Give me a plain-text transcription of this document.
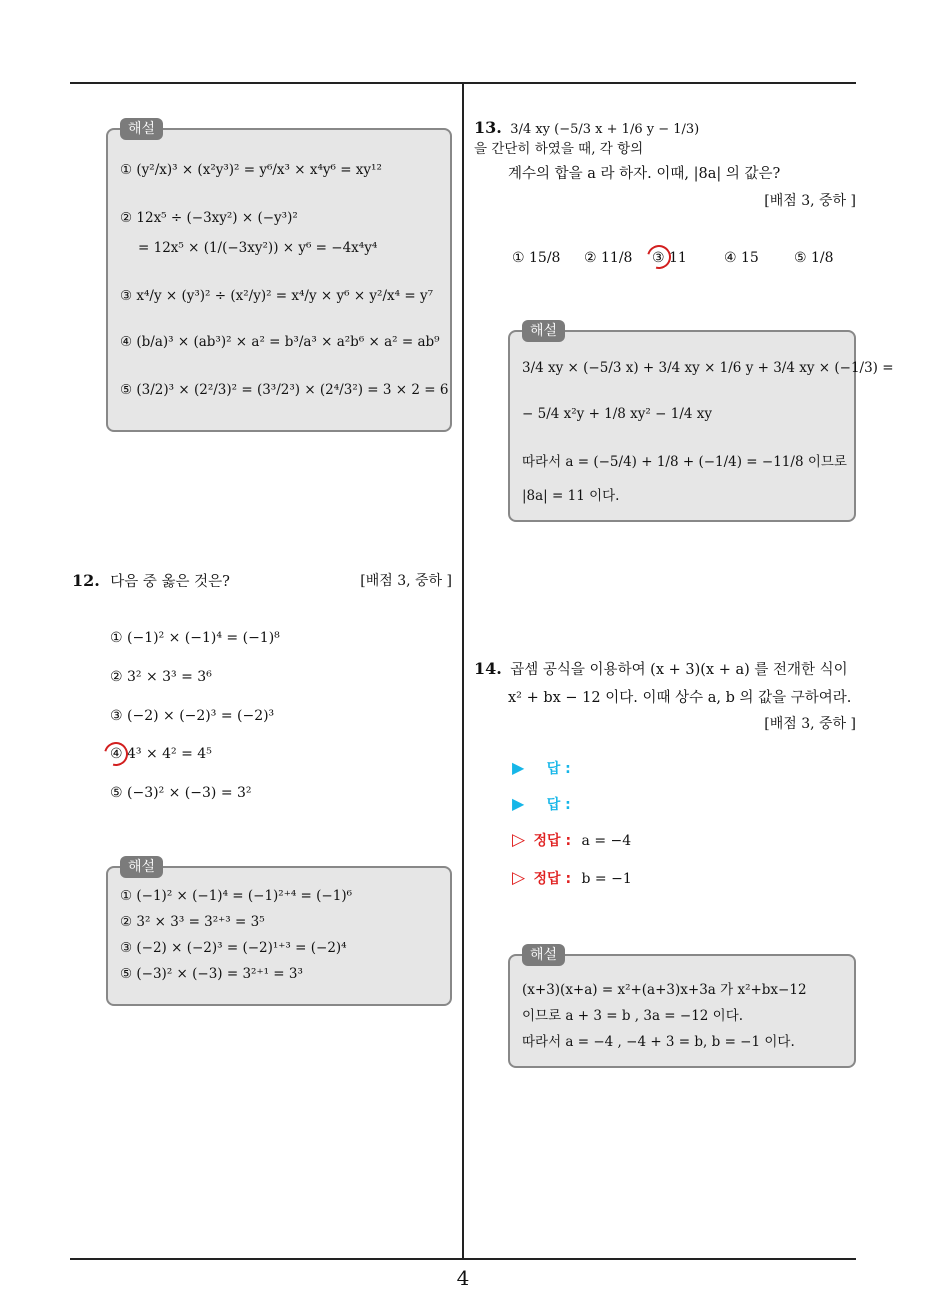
해설
① (y²/x)³ × (x²y³)² = y⁶/x³ × x⁴y⁶ = xy¹²
② 12x⁵ ÷ (−3xy²) × (−y³)²
= 12x⁵ × (1/(−3xy²)) × y⁶ = −4x⁴y⁴
③ x⁴/y × (y³)² ÷ (x²/y)² = x⁴/y × y⁶ × y²/x⁴ = y⁷
④ (b/a)³ × (ab³)² × a² = b³/a³ × a²b⁶ × a² = ab⁹
⑤ (3/2)³ × (2²/3)² = (3³/2³) × (2⁴/3²) = 3 × 2 = 6
12. 다음 중 옳은 것은?	[배점 3, 중하 ]
① (−1)² × (−1)⁴ = (−1)⁸
② 3² × 3³ = 3⁶
③ (−2) × (−2)³ = (−2)³
④ 4³ × 4² = 4⁵
⑤ (−3)² × (−3) = 3²
해설
① (−1)² × (−1)⁴ = (−1)²⁺⁴ = (−1)⁶
② 3² × 3³ = 3²⁺³ = 3⁵
③ (−2) × (−2)³ = (−2)¹⁺³ = (−2)⁴
⑤ (−3)² × (−3) = 3²⁺¹ = 3³
13. 3/4 xy (−5/3 x + 1/6 y − 1/3) 을 간단히 하였을 때, 각 항의
계수의 합을 a 라 하자. 이때, |8a| 의 값은?
[배점 3, 중하 ]
① 15/8 ② 11/8 ③ 11	④ 15	⑤ 1/8
해설
3/4 xy × (−5/3 x) + 3/4 xy × 1/6 y + 3/4 xy × (−1/3) =
− 5/4 x²y + 1/8 xy² − 1/4 xy
따라서 a = (−5/4) + 1/8 + (−1/4) = −11/8 이므로
|8a| = 11 이다.
14. 곱셈 공식을 이용하여 (x + 3)(x + a) 를 전개한 식이
x² + bx − 12 이다. 이때 상수 a, b 의 값을 구하여라.
[배점 3, 중하 ]
▶ 답 :
▶ 답 :
▷ 정답 : a = −4
▷ 정답 : b = −1
해설
(x+3)(x+a) = x²+(a+3)x+3a 가 x²+bx−12
이므로 a + 3 = b , 3a = −12 이다.
따라서 a = −4 , −4 + 3 = b, b = −1 이다.
4
